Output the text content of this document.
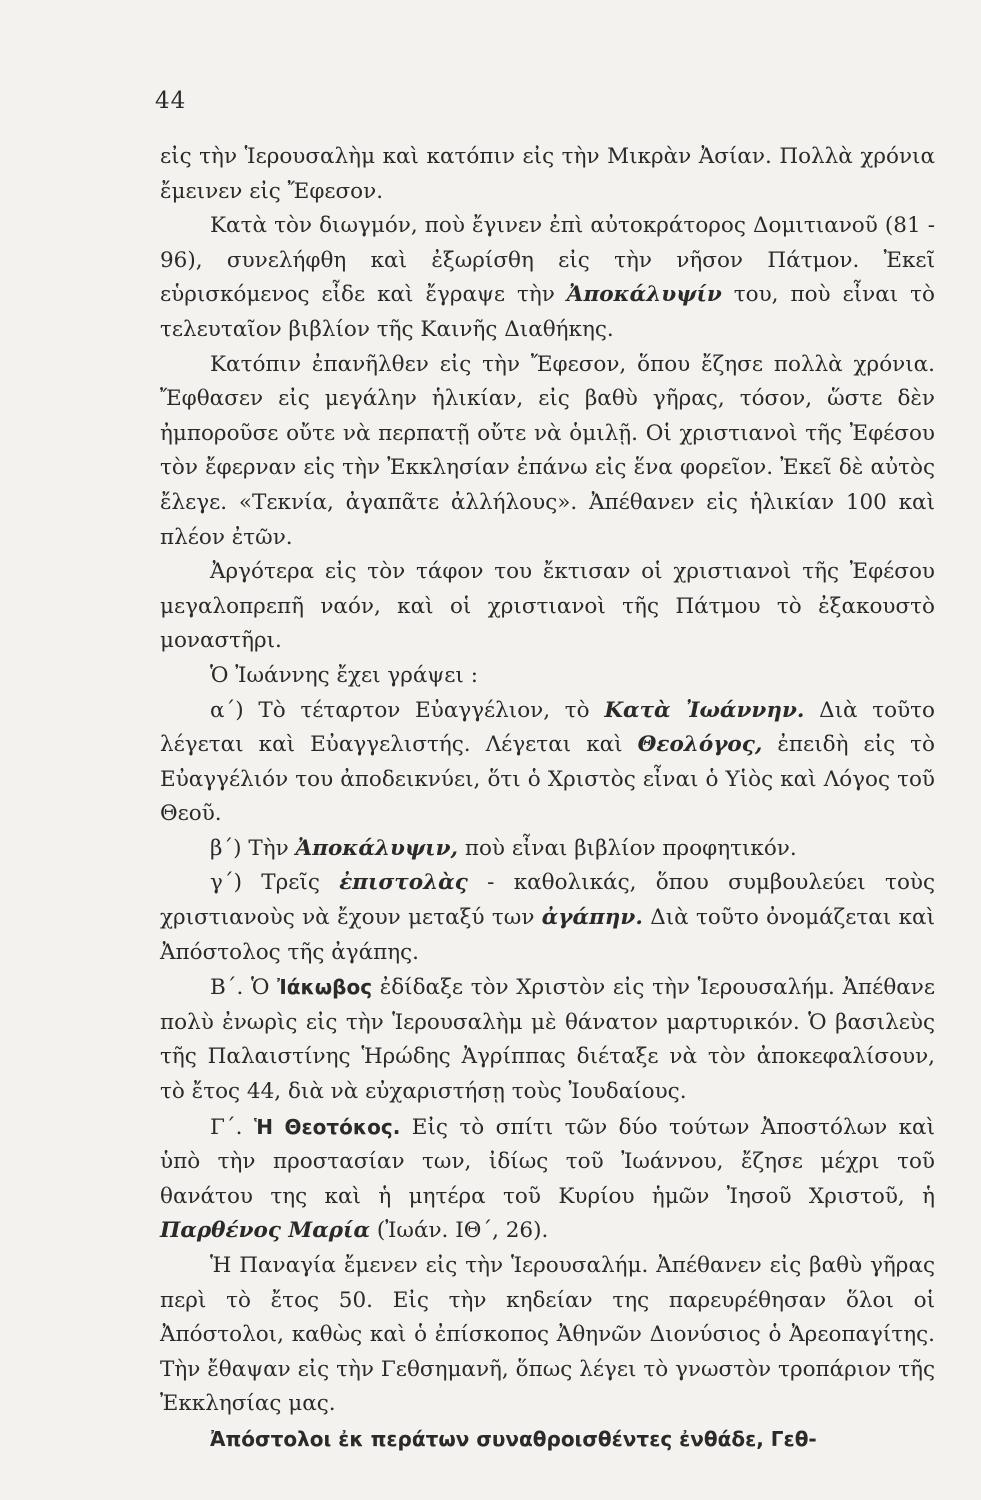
44

εἰς τὴν Ἱερουσαλὴμ καὶ κατόπιν εἰς τὴν Μικρὰν Ἀσίαν. Πολλὰ χρόνια ἔμεινεν εἰς Ἔφεσον.

Κατὰ τὸν διωγμόν, ποὺ ἔγινεν ἐπὶ αὐτοκράτορος Δομιτιανοῦ (81 - 96), συνελήφθη καὶ ἐξωρίσθη εἰς τὴν νῆσον Πάτμον. Ἐκεῖ εὑρισκόμενος εἶδε καὶ ἔγραψε τὴν Ἀποκάλυψίν του, ποὺ εἶναι τὸ τελευταῖον βιβλίον τῆς Καινῆς Διαθήκης.

Κατόπιν ἐπανῆλθεν εἰς τὴν Ἔφεσον, ὅπου ἔζησε πολλὰ χρόνια. Ἔφθασεν εἰς μεγάλην ἡλικίαν, εἰς βαθὺ γῆρας, τόσον, ὥστε δὲν ἠμποροῦσε οὔτε νὰ περπατῇ οὔτε νὰ ὁμιλῇ. Οἱ χριστιανοὶ τῆς Ἐφέσου τὸν ἔφερναν εἰς τὴν Ἐκκλησίαν ἐπάνω εἰς ἕνα φορεῖον. Ἐκεῖ δὲ αὐτὸς ἔλεγε. «Τεκνία, ἀγαπᾶτε ἀλλήλους». Ἀπέθανεν εἰς ἡλικίαν 100 καὶ πλέον ἐτῶν.

Ἀργότερα εἰς τὸν τάφον του ἔκτισαν οἱ χριστιανοὶ τῆς Ἐφέσου μεγαλοπρεπῆ ναόν, καὶ οἱ χριστιανοὶ τῆς Πάτμου τὸ ἐξακουστὸ μοναστῆρι.

Ὁ Ἰωάννης ἔχει γράψει :

α΄) Τὸ τέταρτον Εὐαγγέλιον, τὸ Κατὰ Ἰωάννην. Διὰ τοῦτο λέγεται καὶ Εὐαγγελιστής. Λέγεται καὶ Θεολόγος, ἐπειδὴ εἰς τὸ Εὐαγγέλιόν του ἀποδεικνύει, ὅτι ὁ Χριστὸς εἶναι ὁ Υἱὸς καὶ Λόγος τοῦ Θεοῦ.

β΄) Τὴν Ἀποκάλυψιν, ποὺ εἶναι βιβλίον προφητικόν.

γ΄) Τρεῖς ἐπιστολὰς - καθολικάς, ὅπου συμβουλεύει τοὺς χριστιανοὺς νὰ ἔχουν μεταξύ των ἀγάπην. Διὰ τοῦτο ὀνομάζεται καὶ Ἀπόστολος τῆς ἀγάπης.

Β΄. Ὁ Ἰάκωβος ἐδίδαξε τὸν Χριστὸν εἰς τὴν Ἱερουσαλήμ. Ἀπέθανε πολὺ ἐνωρὶς εἰς τὴν Ἱερουσαλὴμ μὲ θάνατον μαρτυρικόν. Ὁ βασιλεὺς τῆς Παλαιστίνης Ἡρώδης Ἀγρίππας διέταξε νὰ τὸν ἀποκεφαλίσουν, τὸ ἔτος 44, διὰ νὰ εὐχαριστήσῃ τοὺς Ἰουδαίους.

Γ΄. Ἡ Θεοτόκος. Εἰς τὸ σπίτι τῶν δύο τούτων Ἀποστόλων καὶ ὑπὸ τὴν προστασίαν των, ἰδίως τοῦ Ἰωάννου, ἔζησε μέχρι τοῦ θανάτου της καὶ ἡ μητέρα τοῦ Κυρίου ἡμῶν Ἰησοῦ Χριστοῦ, ἡ Παρθένος Μαρία (Ἰωάν. ΙΘ΄, 26).

Ἡ Παναγία ἔμενεν εἰς τὴν Ἱερουσαλήμ. Ἀπέθανεν εἰς βαθὺ γῆρας περὶ τὸ ἔτος 50. Εἰς τὴν κηδείαν της παρευρέθησαν ὅλοι οἱ Ἀπόστολοι, καθὼς καὶ ὁ ἐπίσκοπος Ἀθηνῶν Διονύσιος ὁ Ἀρεοπαγίτης. Τὴν ἔθαψαν εἰς τὴν Γεθσημανῆ, ὅπως λέγει τὸ γνωστὸν τροπάριον τῆς Ἐκκλησίας μας.

Ἀπόστολοι ἐκ περάτων συναθροισθέντες ἐνθάδε, Γεθ-
